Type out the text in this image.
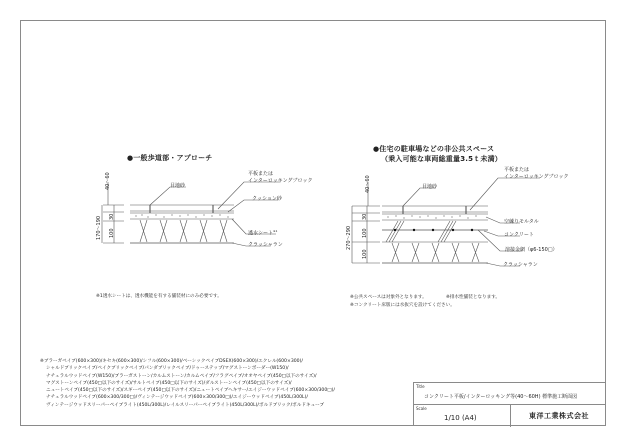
●一般歩道部・アプローチ
40〜60
170〜190 30
100
目地砂
平板または
インターロッキングブロック
クッション砂
透水シート$^{※1}$
クラッシャラン
※1透水シートは、透水機能を有する舗装材にのみ必要です。
●住宅の駐車場などの非公共スペース
（乗入可能な車両総重量3.5ｔ未満）
40〜60
270〜290
30
100
100
目地砂
平板または
インターロッキングブロック
空練りモルタル
コンクリート
溶接金網（φ6-150□）
クラッシャラン
※公共スペースは対象外となります。	※排水性舗装となります。
※コンクリート床版には水抜穴を設けてください。
※ブラーガペイブ(600×300)/キセキ(600×300)/シフル(600×300)/ベーシックペイブDSEX(600×300)/エクレル(600×300)/
シャルドブリックペイブ/ペイクブリックペイブ/パンダブリックペイブ/ドゥーステップ/マグストーンボーダー(W150)/
ナチュラルウッドペイブ(W150)/ブラーガストーン/カルムストーン/カルムペイブ/フラグペイブ/オオヤペイブ(450□以下のサイズ)/
マグストーンペイブ(450□以下のサイズ)/サルトペイブ(450□以下のサイズ)/ダルストーンペイブ(450□以下のサイズ)/
ニュートペイブ(450□以下のサイズ)/スギーペイブ(450□以下のサイズ)/ニュートペイブヘキサー/エイジーウッドペイブ(600×300/300□)/
ナチュラルウッドペイブ(600×300/300□)/ヴィンテージウッドペイブ(600×300/300□)/エイジーウッドペイブ(450L/300L)/
ヴィンテージウッドスリーパーペイブライト(450L/300L)/レイルスリーパーペイブライト(450L/300L)/ボルドブリック/ボルドキューブ
Title
コンクリート平板/インターロッキング等(40〜60H) 標準施工断面図
Scale
1/10 (A4)	東洋工業株式会社
